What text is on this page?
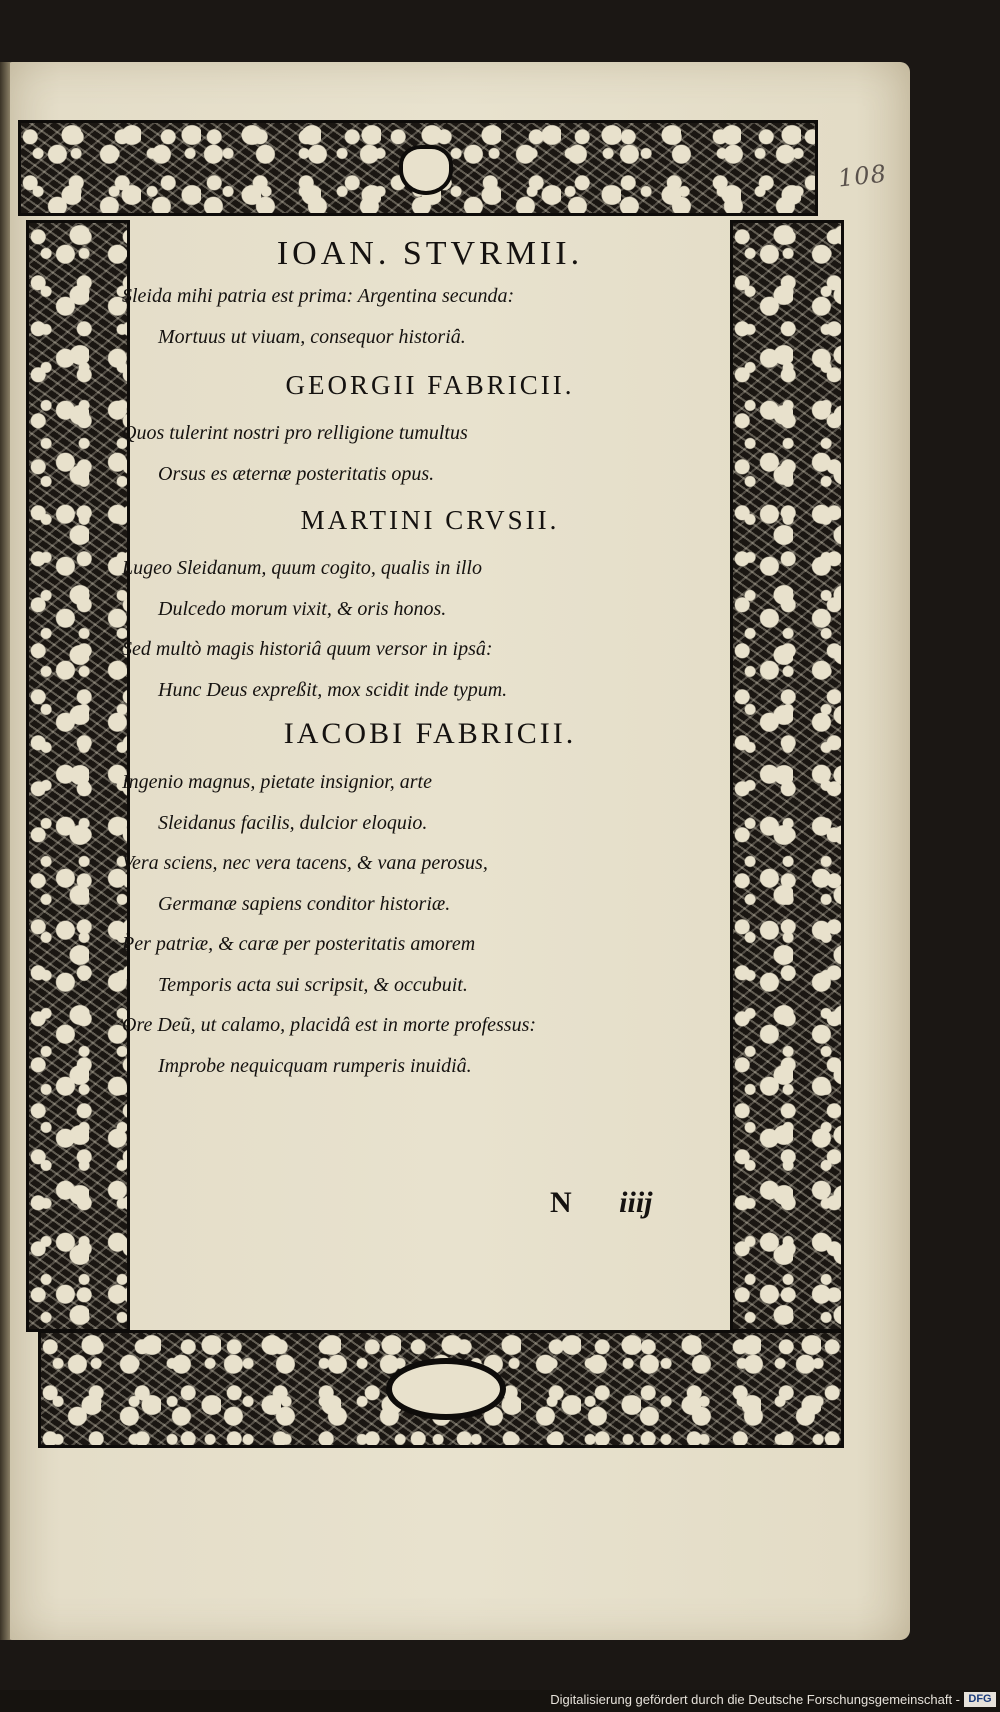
108
IOAN. STVRMII.

Sleida mihi patria est prima: Argentina secunda:

Mortuus ut viuam, consequor historiâ.

GEORGII FABRICII.

Quos tulerint nostri pro relligione tumultus

Orsus es æternæ posteritatis opus.

MARTINI CRVSII.

Lugeo Sleidanum, quum cogito, qualis in illo

Dulcedo morum vixit, & oris honos.

Sed multò magis historiâ quum versor in ipsâ:

Hunc Deus expreßit, mox scidit inde typum.

IACOBI FABRICII.

Ingenio magnus, pietate insignior, arte

Sleidanus facilis, dulcior eloquio.

Vera sciens, nec vera tacens, & vana perosus,

Germanæ sapiens conditor historiæ.

Per patriæ, & caræ per posteritatis amorem

Temporis acta sui scripsit, & occubuit.

Ore Deũ, ut calamo, placidâ est in morte professus:

Improbe nequicquam rumperis inuidiâ.

N iiij
Digitalisierung gefördert durch die Deutsche Forschungsgemeinschaft - DFG
